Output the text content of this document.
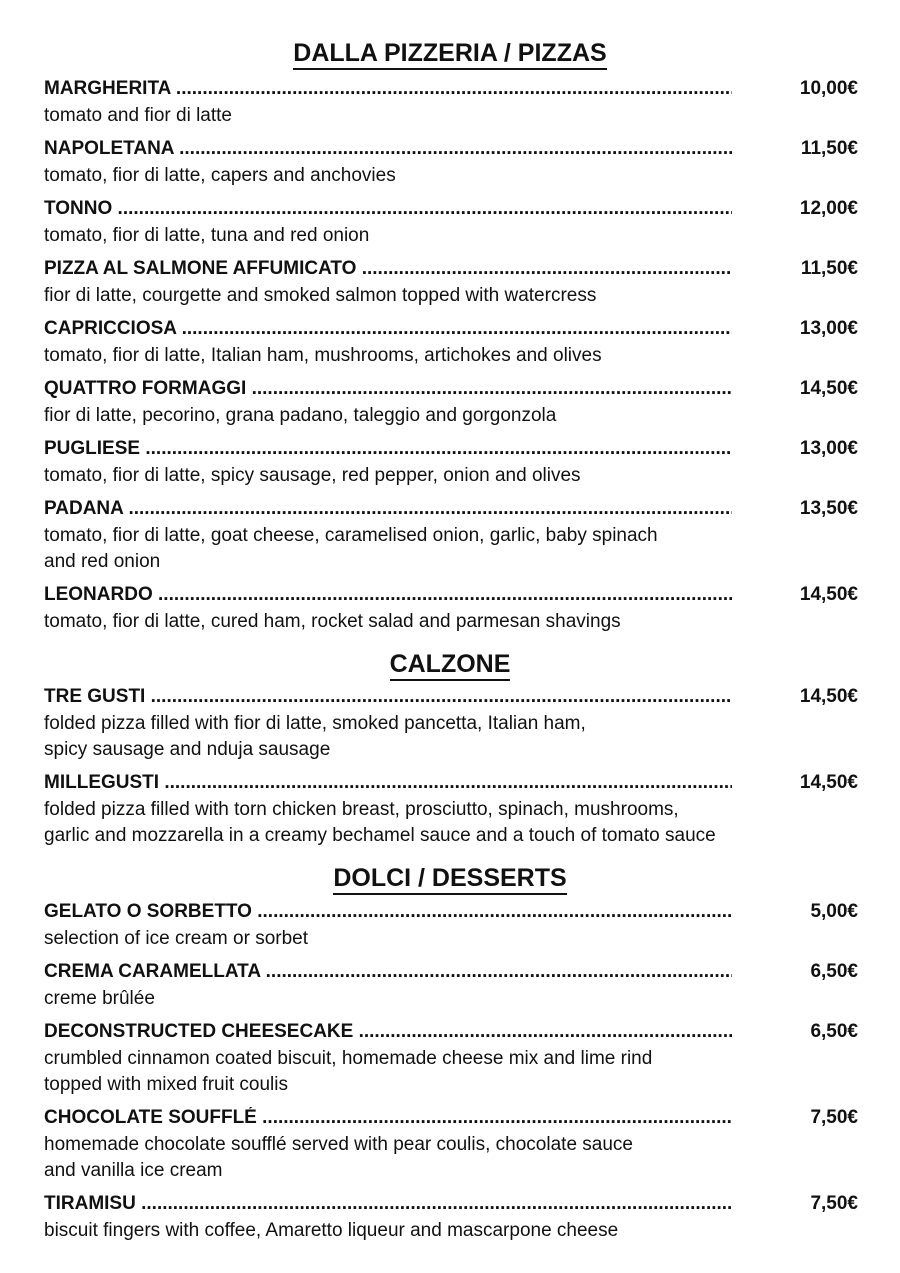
DALLA PIZZERIA / PIZZAS
CALZONE
DOLCI / DESSERTS
MARGHERITA .....	10,00€
tomato and fior di latte
NAPOLETANA .....	11,50€
tomato, fior di latte, capers and anchovies
TONNO .....	12,00€
tomato, fior di latte, tuna and red onion
PIZZA AL SALMONE AFFUMICATO .....	11,50€
fior di latte, courgette and smoked salmon topped with watercress
CAPRICCIOSA .....	13,00€
tomato, fior di latte, Italian ham, mushrooms, artichokes and olives
QUATTRO FORMAGGI .....	14,50€
fior di latte, pecorino, grana padano, taleggio and gorgonzola
PUGLIESE .....	13,00€
tomato, fior di latte, spicy sausage, red pepper, onion and olives
PADANA .....	13,50€
tomato, fior di latte, goat cheese, caramelised onion, garlic, baby spinach
and red onion
LEONARDO .....	14,50€
tomato, fior di latte, cured ham, rocket salad and parmesan shavings
TRE GUSTI .....	14,50€
folded pizza filled with fior di latte, smoked pancetta, Italian ham,
spicy sausage and nduja sausage
MILLEGUSTI .....	14,50€
folded pizza filled with torn chicken breast, prosciutto, spinach, mushrooms,
garlic and mozzarella in a creamy bechamel sauce and a touch of tomato sauce
GELATO O SORBETTO .....	5,00€
selection of ice cream or sorbet
CREMA CARAMELLATA .....	6,50€
creme brûlée
DECONSTRUCTED CHEESECAKE .....	6,50€
crumbled cinnamon coated biscuit, homemade cheese mix and lime rind
topped with mixed fruit coulis
CHOCOLATE SOUFFLÉ .....	7,50€
homemade chocolate soufflé served with pear coulis, chocolate sauce
and vanilla ice cream
TIRAMISU .....	7,50€
biscuit fingers with coffee, Amaretto liqueur and mascarpone cheese
